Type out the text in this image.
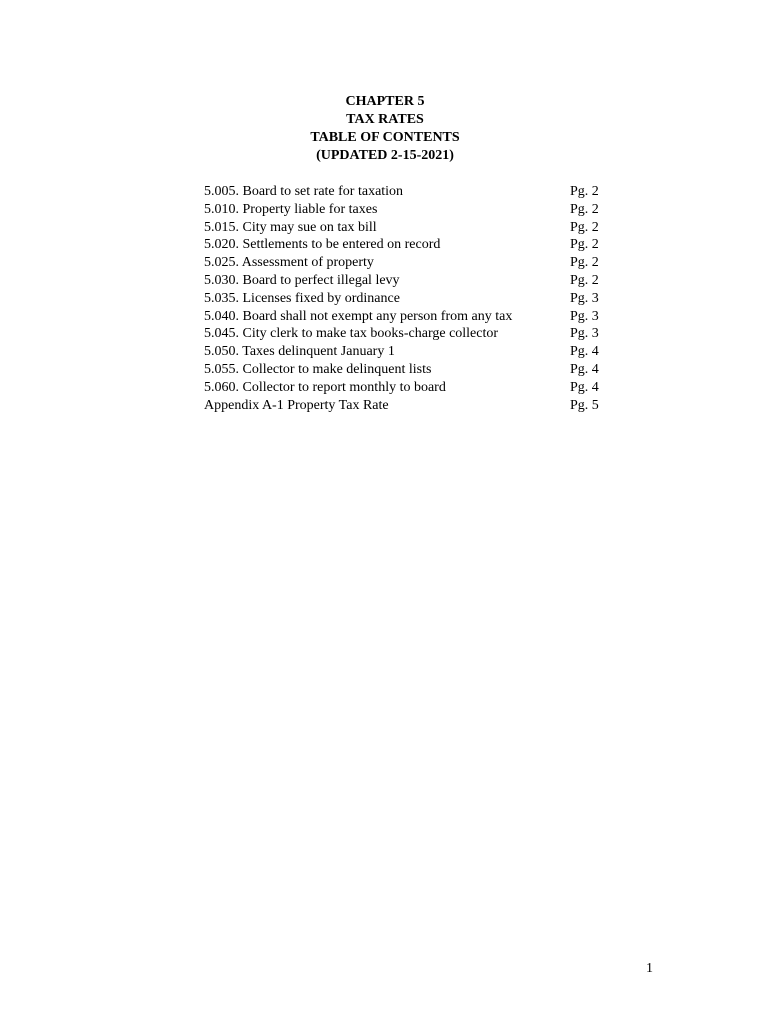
CHAPTER 5
TAX RATES
TABLE OF CONTENTS
(UPDATED 2-15-2021)
5.005. Board to set rate for taxation	Pg. 2
5.010. Property liable for taxes	Pg. 2
5.015. City may sue on tax bill	Pg. 2
5.020. Settlements to be entered on record	Pg. 2
5.025. Assessment of property	Pg. 2
5.030. Board to perfect illegal levy	Pg. 2
5.035. Licenses fixed by ordinance	Pg. 3
5.040. Board shall not exempt any person from any tax	Pg. 3
5.045. City clerk to make tax books-charge collector	Pg. 3
5.050. Taxes delinquent January 1	Pg. 4
5.055. Collector to make delinquent lists	Pg. 4
5.060. Collector to report monthly to board	Pg. 4
Appendix A-1 Property Tax Rate	Pg. 5
1
